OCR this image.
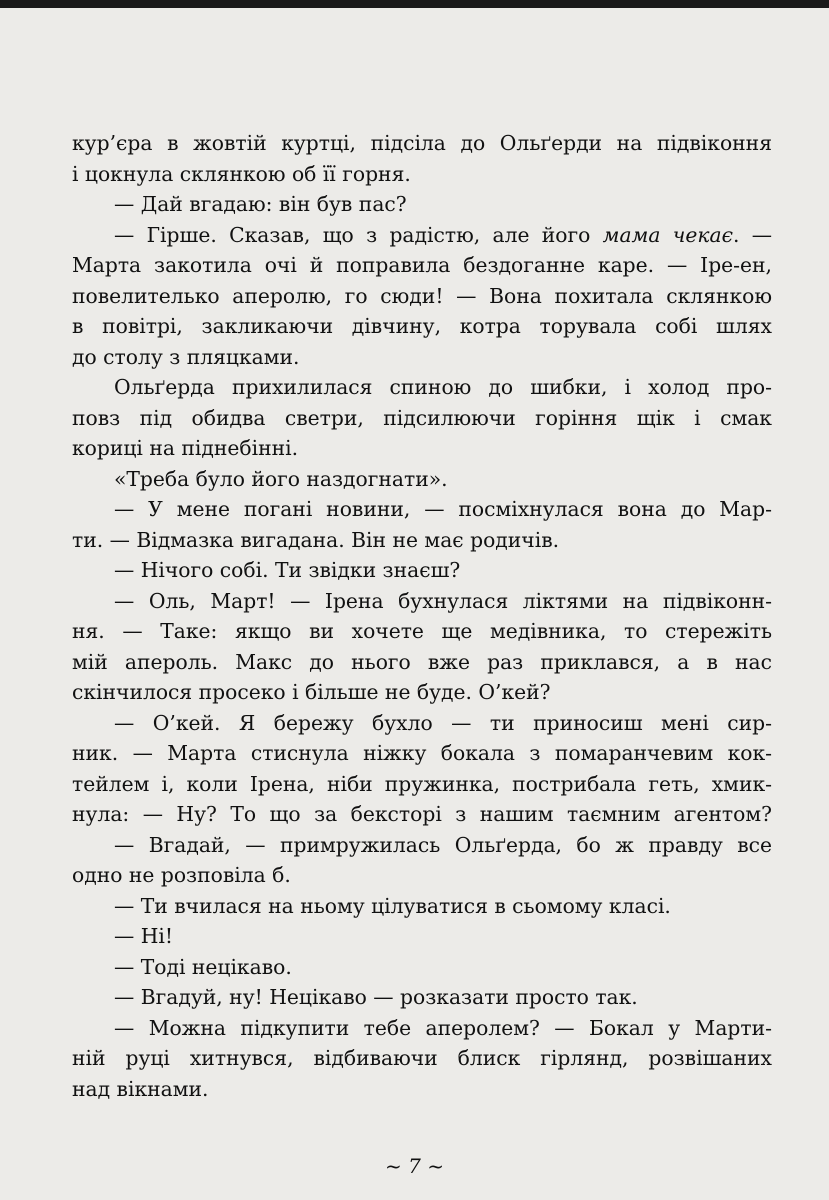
кур’єра в жовтій куртці, підсіла до Ольґерди на підвіконня
і цокнула склянкою об її горня.
— Дай вгадаю: він був пас?
— Гірше. Сказав, що з радістю, але його мама чекає. —
Марта закотила очі й поправила бездоганне каре. — Іре-ен,
повелителько аперолю, го сюди! — Вона похитала склянкою
в повітрі, закликаючи дівчину, котра торувала собі шлях
до столу з пляцками.
Ольґерда прихилилася спиною до шибки, і холод про-
повз під обидва светри, підсилюючи горіння щік і смак
кориці на піднебінні.
«Треба було його наздогнати».
— У мене погані новини, — посміхнулася вона до Мар-
ти. — Відмазка вигадана. Він не має родичів.
— Нічого собі. Ти звідки знаєш?
— Оль, Март! — Ірена бухнулася ліктями на підвіконн-
ня. — Таке: якщо ви хочете ще медівника, то стережіть
мій апероль. Макс до нього вже раз приклався, а в нас
скінчилося просеко і більше не буде. О’кей?
— О’кей. Я бережу бухло — ти приносиш мені сир-
ник. — Марта стиснула ніжку бокала з помаранчевим кок-
тейлем і, коли Ірена, ніби пружинка, пострибала геть, хмик-
нула: — Ну? То що за бекстopі з нашим таємним агентом?
— Вгадай, — примружилась Ольґерда, бо ж правду все
одно не розповіла б.
— Ти вчилася на ньому цілуватися в сьомому класі.
— Ні!
— Тоді нецікаво.
— Вгадуй, ну! Нецікаво — розказати просто так.
— Можна підкупити тебе аперолем? — Бокал у Марти-
ній руці хитнувся, відбиваючи блиск гірлянд, розвішаних
над вікнами.
~ 7 ~
